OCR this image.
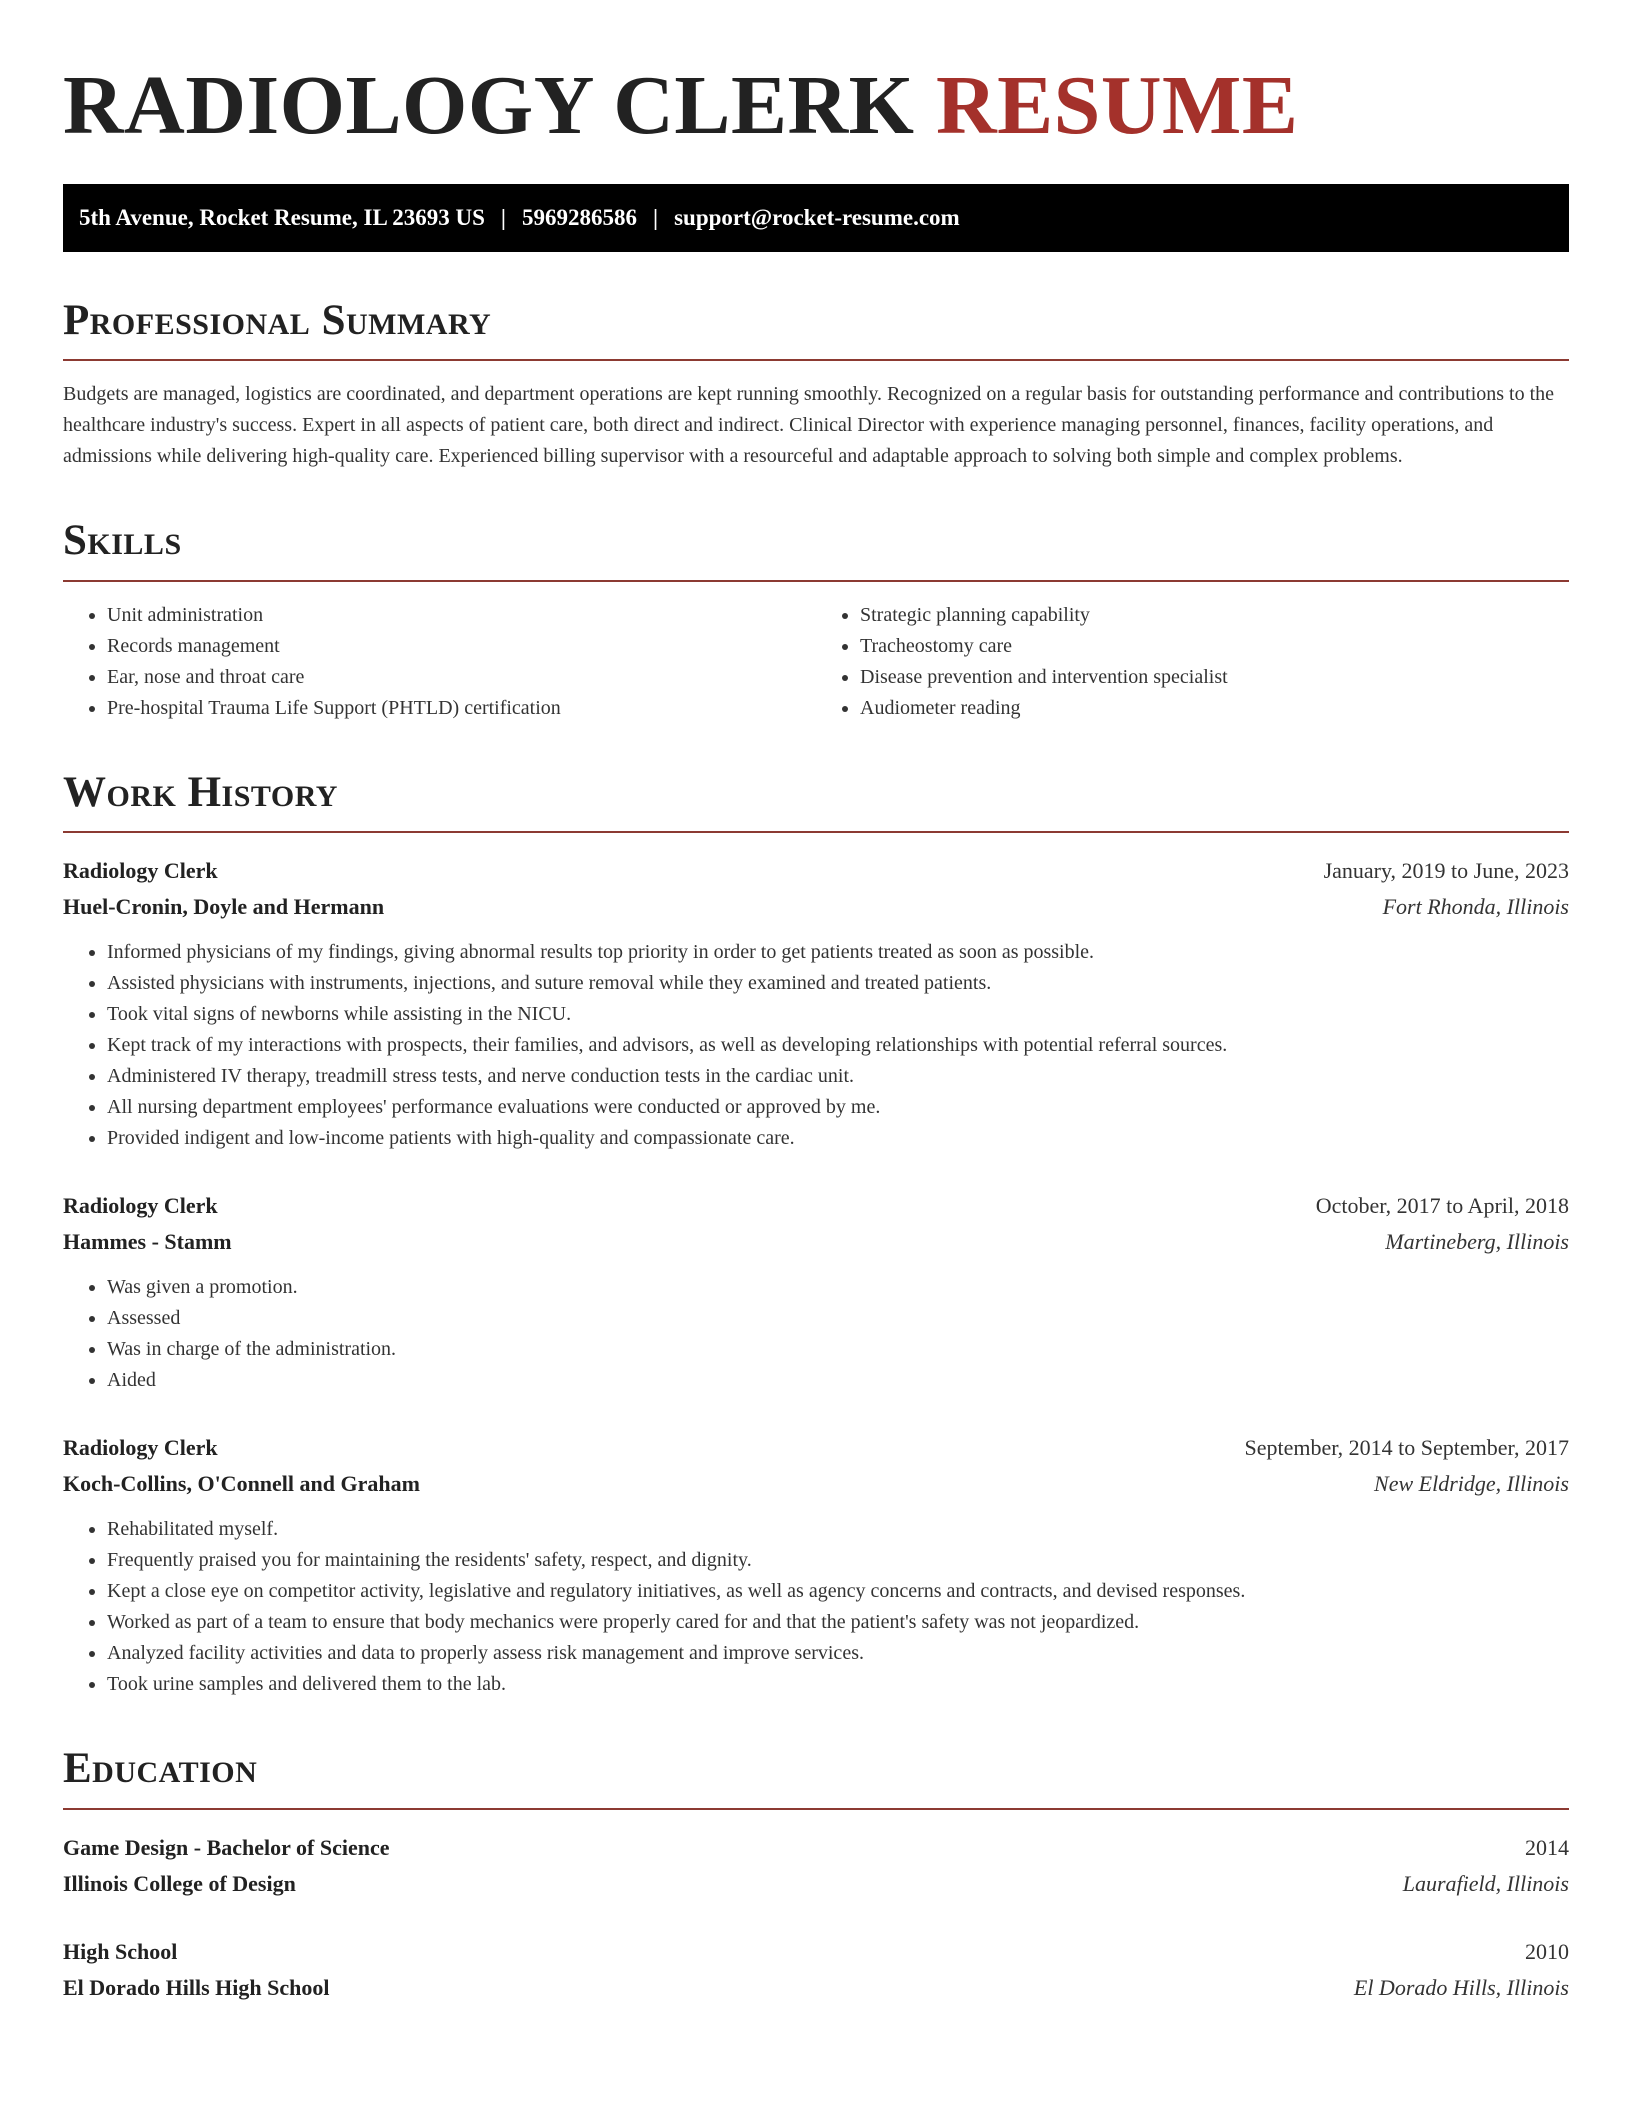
RADIOLOGY CLERK RESUME
5th Avenue, Rocket Resume, IL 23693 US | 5969286586 | support@rocket-resume.com
Professional Summary

Budgets are managed, logistics are coordinated, and department operations are kept running smoothly. Recognized on a regular basis for outstanding performance and contributions to the healthcare industry's success. Expert in all aspects of patient care, both direct and indirect. Clinical Director with experience managing personnel, finances, facility operations, and admissions while delivering high-quality care. Experienced billing supervisor with a resourceful and adaptable approach to solving both simple and complex problems.

Skills
• Unit administration
• Records management
• Ear, nose and throat care
• Pre-hospital Trauma Life Support (PHTLD) certification
• Strategic planning capability
• Tracheostomy care
• Disease prevention and intervention specialist
• Audiometer reading
Work History
Radiology Clerk	January, 2019 to June, 2023
Huel-Cronin, Doyle and Hermann	Fort Rhonda, Illinois
• Informed physicians of my findings, giving abnormal results top priority in order to get patients treated as soon as possible.
• Assisted physicians with instruments, injections, and suture removal while they examined and treated patients.
• Took vital signs of newborns while assisting in the NICU.
• Kept track of my interactions with prospects, their families, and advisors, as well as developing relationships with potential referral sources.
• Administered IV therapy, treadmill stress tests, and nerve conduction tests in the cardiac unit.
• All nursing department employees' performance evaluations were conducted or approved by me.
• Provided indigent and low-income patients with high-quality and compassionate care.
Radiology Clerk	October, 2017 to April, 2018
Hammes - Stamm	Martineberg, Illinois
• Was given a promotion.
• Assessed
• Was in charge of the administration.
• Aided
Radiology Clerk	September, 2014 to September, 2017
Koch-Collins, O'Connell and Graham	New Eldridge, Illinois
• Rehabilitated myself.
• Frequently praised you for maintaining the residents' safety, respect, and dignity.
• Kept a close eye on competitor activity, legislative and regulatory initiatives, as well as agency concerns and contracts, and devised responses.
• Worked as part of a team to ensure that body mechanics were properly cared for and that the patient's safety was not jeopardized.
• Analyzed facility activities and data to properly assess risk management and improve services.
• Took urine samples and delivered them to the lab.
Education
Game Design - Bachelor of Science	2014
Illinois College of Design	Laurafield, Illinois
High School	2010
El Dorado Hills High School	El Dorado Hills, Illinois
